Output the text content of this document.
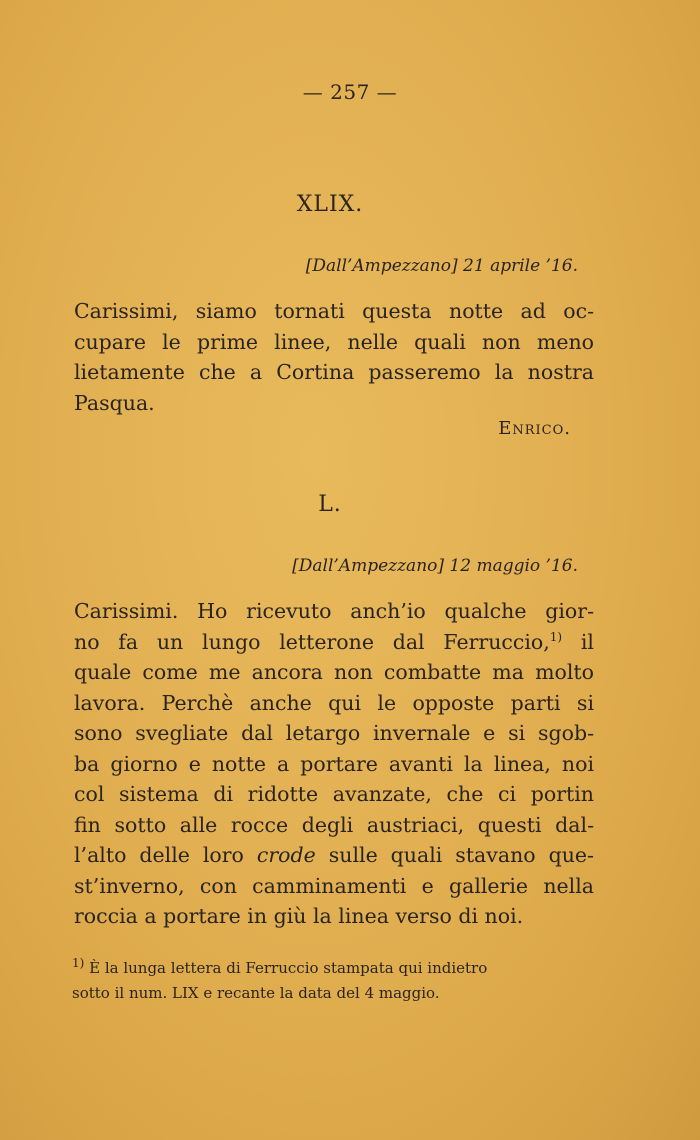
— 257 —
XLIX.
[Dall’Ampezzano] 21 aprile ’16.
Carissimi, siamo tornati questa notte ad oc-
cupare le prime linee, nelle quali non meno
lietamente che a Cortina passeremo la nostra
Pasqua.
Enrico.
L.
[Dall’Ampezzano] 12 maggio ’16.
Carissimi. Ho ricevuto anch’io qualche gior-
no fa un lungo letterone dal Ferruccio,$^{1)}$ il
quale come me ancora non combatte ma molto
lavora. Perchè anche qui le opposte parti si
sono svegliate dal letargo invernale e si sgob-
ba giorno e notte a portare avanti la linea, noi
col sistema di ridotte avanzate, che ci portin
fin sotto alle rocce degli austriaci, questi dal-
l’alto delle loro crode sulle quali stavano que-
st’inverno, con camminamenti e gallerie nella
roccia a portare in giù la linea verso di noi.
$^{1)}$ È la lunga lettera di Ferruccio stampata qui indietro
sotto il num. LIX e recante la data del 4 maggio.
